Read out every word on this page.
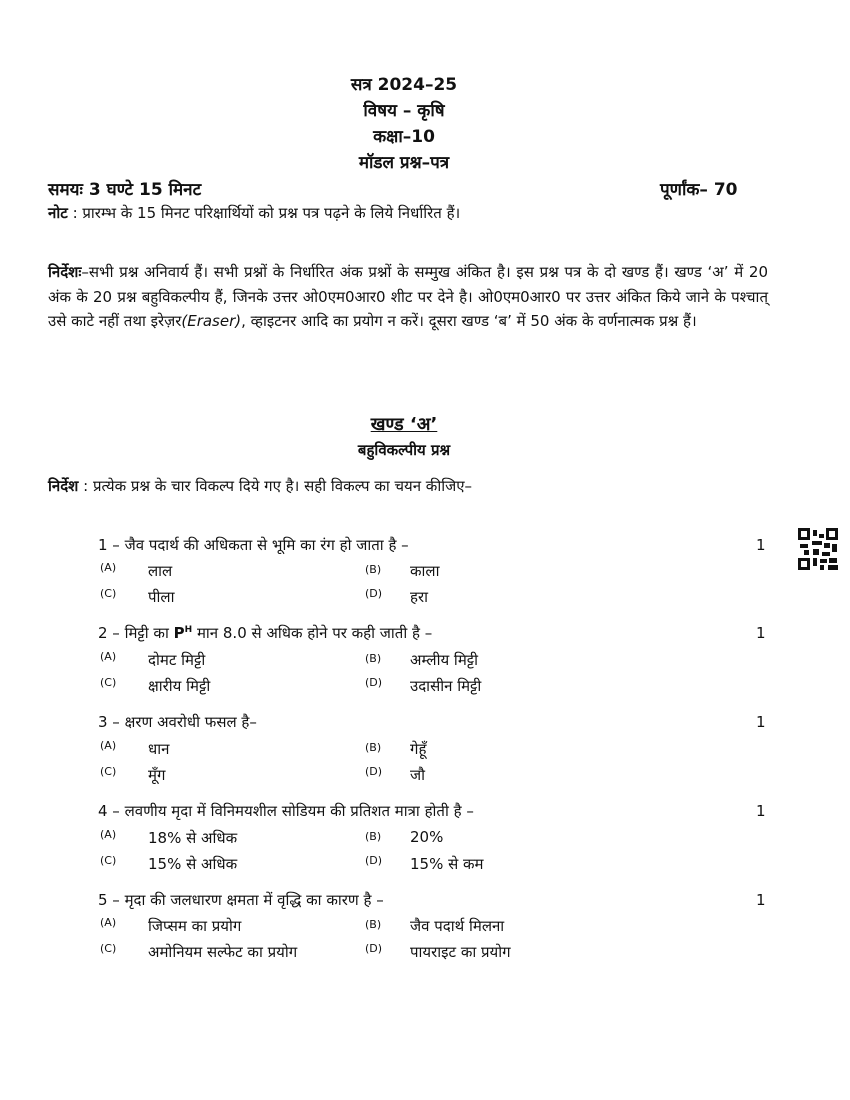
सत्र 2024–25
विषय – कृषि
कक्षा–10
मॉडल प्रश्न–पत्र
समयः 3 घण्टे 15 मिनट	पूर्णांक– 70
नोट : प्रारम्भ के 15 मिनट परिक्षार्थियों को प्रश्न पत्र पढ़ने के लिये निर्धारित हैं।
निर्देशः–सभी प्रश्न अनिवार्य हैं। सभी प्रश्नों के निर्धारित अंक प्रश्नों के सम्मुख अंकित है। इस प्रश्न पत्र के दो खण्ड हैं। खण्ड ‘अ’ में 20 अंक के 20 प्रश्न बहुविकल्पीय हैं, जिनके उत्तर ओ0एम0आर0 शीट पर देने है। ओ0एम0आर0 पर उत्तर अंकित किये जाने के पश्चात् उसे काटे नहीं तथा इरेज़र(Eraser), व्हाइटनर आदि का प्रयोग न करें। दूसरा खण्ड ‘ब’ में 50 अंक के वर्णनात्मक प्रश्न हैं।
खण्ड ‘अ’
बहुविकल्पीय प्रश्न
निर्देश : प्रत्येक प्रश्न के चार विकल्प दिये गए है। सही विकल्प का चयन कीजिए–
1 – जैव पदार्थ की अधिकता से भूमि का रंग हो जाता है –	1
(A) लाल	(B) काला
(C) पीला	(D) हरा
2 – मिट्टी का $P^H$ मान 8.0 से अधिक होने पर कही जाती है –	1
(A) दोमट मिट्टी	(B) अम्लीय मिट्टी
(C) क्षारीय मिट्टी	(D) उदासीन मिट्टी
3 – क्षरण अवरोधी फसल है–	1
(A) धान	(B) गेहूँ
(C) मूँग	(D) जौ
4 – लवणीय मृदा में विनिमयशील सोडियम की प्रतिशत मात्रा होती है –	1
(A) 18% से अधिक	(B) 20%
(C) 15% से अधिक	(D) 15% से कम
5 – मृदा की जलधारण क्षमता में वृद्धि का कारण है –	1
(A) जिप्सम का प्रयोग	(B) जैव पदार्थ मिलना
(C) अमोनियम सल्फेट का प्रयोग	(D) पायराइट का प्रयोग
